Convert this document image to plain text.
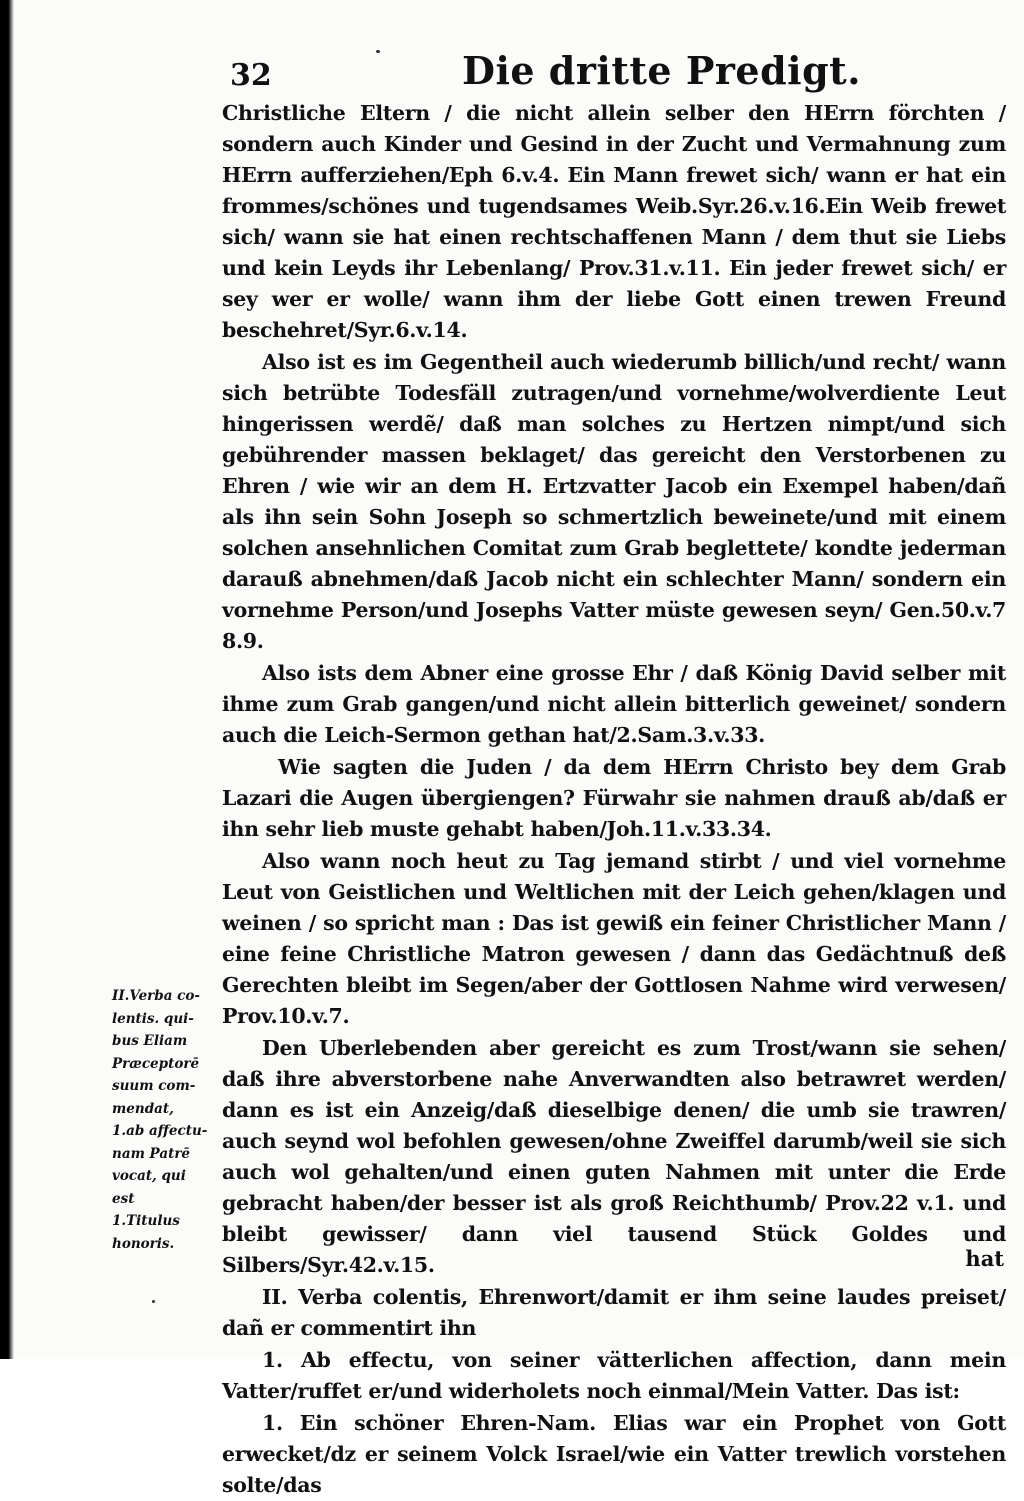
32	Die dritte Predigt.

Christliche Eltern / die nicht allein selber den HErrn förchten / sondern auch Kinder und Gesind in der Zucht und Vermahnung zum HErrn aufferziehen/Eph 6.v.4. Ein Mann frewet sich/ wann er hat ein frommes/schönes und tugendsames Weib.Syr.26.v.16.Ein Weib frewet sich/ wann sie hat einen rechtschaffenen Mann / dem thut sie Liebs und kein Leyds ihr Lebenlang/ Prov.31.v.11. Ein jeder frewet sich/ er sey wer er wolle/ wann ihm der liebe Gott einen trewen Freund beschehret/Syr.6.v.14.

Also ist es im Gegentheil auch wiederumb billich/und recht/ wann sich betrübte Todesfäll zutragen/und vornehme/wolverdiente Leut hingerissen werdẽ/ daß man solches zu Hertzen nimpt/und sich gebührender massen beklaget/ das gereicht den Verstorbenen zu Ehren / wie wir an dem H. Ertzvatter Jacob ein Exempel haben/dañ als ihn sein Sohn Joseph so schmertzlich beweinete/und mit einem solchen ansehnlichen Comitat zum Grab beglettete/ kondte jederman darauß abnehmen/daß Jacob nicht ein schlechter Mann/ sondern ein vornehme Person/und Josephs Vatter müste gewesen seyn/ Gen.50.v.7 8.9.

Also ists dem Abner eine grosse Ehr / daß König David selber mit ihme zum Grab gangen/und nicht allein bitterlich geweinet/ sondern auch die Leich-Sermon gethan hat/2.Sam.3.v.33.

Wie sagten die Juden / da dem HErrn Christo bey dem Grab Lazari die Augen übergiengen? Fürwahr sie nahmen drauß ab/daß er ihn sehr lieb muste gehabt haben/Joh.11.v.33.34.

Also wann noch heut zu Tag jemand stirbt / und viel vornehme Leut von Geistlichen und Weltlichen mit der Leich gehen/klagen und weinen / so spricht man : Das ist gewiß ein feiner Christlicher Mann / eine feine Christliche Matron gewesen / dann das Gedächtnuß deß Gerechten bleibt im Segen/aber der Gottlosen Nahme wird verwesen/ Prov.10.v.7.

Den Uberlebenden aber gereicht es zum Trost/wann sie sehen/ daß ihre abverstorbene nahe Anverwandten also betrawret werden/ dann es ist ein Anzeig/daß dieselbige denen/ die umb sie trawren/ auch seynd wol befohlen gewesen/ohne Zweiffel darumb/weil sie sich auch wol gehalten/und einen guten Nahmen mit unter die Erde gebracht haben/der besser ist als groß Reichthumb/ Prov.22 v.1. und bleibt gewisser/ dann viel tausend Stück Goldes und Silbers/Syr.42.v.15.

II. Verba colentis, Ehrenwort/damit er ihm seine laudes preiset/ dañ er commentirt ihn

1. Ab effectu, von seiner vätterlichen affection, dann mein Vatter/ruffet er/und widerholets noch einmal/Mein Vatter. Das ist:

1. Ein schöner Ehren-Nam. Elias war ein Prophet von Gott erwecket/dz er seinem Volck Israel/wie ein Vatter trewlich vorstehen solte/das

hat
II.Verba co-
lentis. qui-
bus Eliam
Præceptorē
suum com-
mendat,
1.ab affectu-
nam Patrē
vocat, qui
est
1.Titulus
honoris.
